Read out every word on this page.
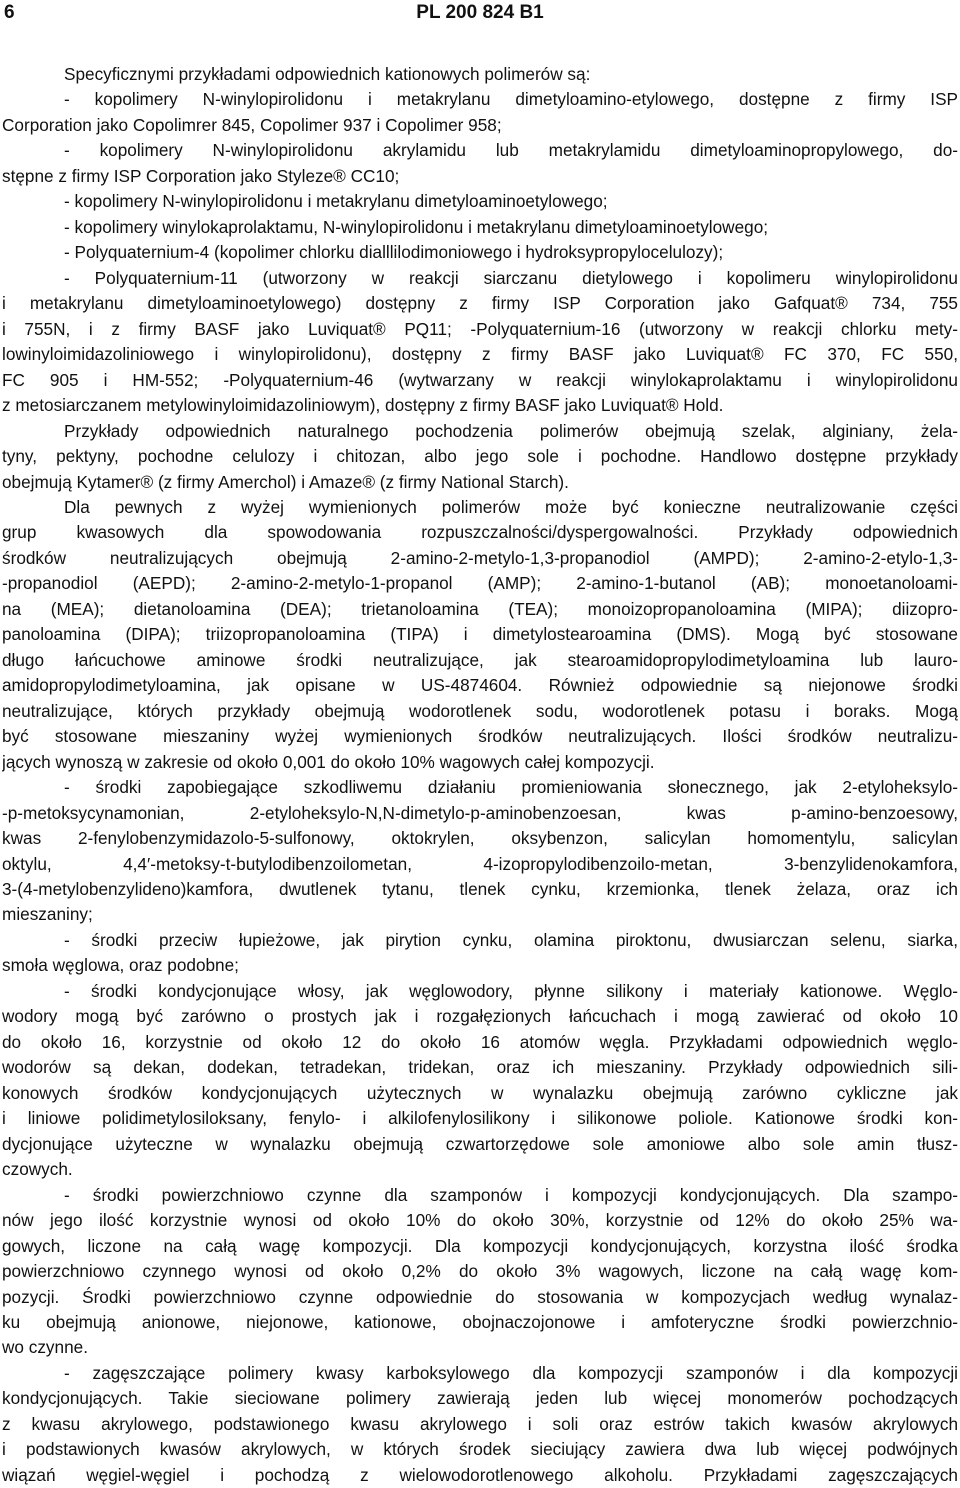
6	PL 200 824 B1
Specyficznymi przykładami odpowiednich kationowych polimerów są:
- kopolimery N-winylopirolidonu i metakrylanu dimetyloamino-etylowego, dostępne z firmy ISP
Corporation jako Copolimrer 845, Copolimer 937 i Copolimer 958;
- kopolimery N-winylopirolidonu akrylamidu lub metakrylamidu dimetyloaminopropylowego, do-
stępne z firmy ISP Corporation jako Styleze® CC10;
- kopolimery N-winylopirolidonu i metakrylanu dimetyloaminoetylowego;
- kopolimery winylokaprolaktamu, N-winylopirolidonu i metakrylanu dimetyloaminoetylowego;
- Polyquaternium-4 (kopolimer chlorku dialllilodimoniowego i hydroksypropylocelulozy);
- Polyquaternium-11 (utworzony w reakcji siarczanu dietylowego i kopolimeru winylopirolidonu
i metakrylanu dimetyloaminoetylowego) dostępny z firmy ISP Corporation jako Gafquat® 734, 755
i 755N, i z firmy BASF jako Luviquat® PQ11; -Polyquaternium-16 (utworzony w reakcji chlorku mety-
lowinyloimidazoliniowego i winylopirolidonu), dostępny z firmy BASF jako Luviquat® FC 370, FC 550,
FC 905 i HM-552; -Polyquaternium-46 (wytwarzany w reakcji winylokaprolaktamu i winylopirolidonu
z metosiarczanem metylowinyloimidazoliniowym), dostępny z firmy BASF jako Luviquat® Hold.
Przykłady odpowiednich naturalnego pochodzenia polimerów obejmują szelak, alginiany, żela-
tyny, pektyny, pochodne celulozy i chitozan, albo jego sole i pochodne. Handlowo dostępne przykłady
obejmują Kytamer® (z firmy Amerchol) i Amaze® (z firmy National Starch).
Dla pewnych z wyżej wymienionych polimerów może być konieczne neutralizowanie części
grup kwasowych dla spowodowania rozpuszczalności/dyspergowalności. Przykłady odpowiednich
środków neutralizujących obejmują 2-amino-2-metylo-1,3-propanodiol (AMPD); 2-amino-2-etylo-1,3-
-propanodiol (AEPD); 2-amino-2-metylo-1-propanol (AMP); 2-amino-1-butanol (AB); monoetanoloami-
na (MEA); dietanoloamina (DEA); trietanoloamina (TEA); monoizopropanoloamina (MIPA); diizopro-
panoloamina (DIPA); triizopropanoloamina (TIPA) i dimetylostearoamina (DMS). Mogą być stosowane
długo łańcuchowe aminowe środki neutralizujące, jak stearoamidopropylodimetyloamina lub lauro-
amidopropylodimetyloamina, jak opisane w US-4874604. Również odpowiednie są niejonowe środki
neutralizujące, których przykłady obejmują wodorotlenek sodu, wodorotlenek potasu i boraks. Mogą
być stosowane mieszaniny wyżej wymienionych środków neutralizujących. Ilości środków neutralizu-
jących wynoszą w zakresie od około 0,001 do około 10% wagowych całej kompozycji.
- środki zapobiegające szkodliwemu działaniu promieniowania słonecznego, jak 2-etyloheksylo-
-p-metoksycynamonian, 2-etyloheksylo-N,N-dimetylo-p-aminobenzoesan, kwas p-amino-benzoesowy,
kwas 2-fenylobenzymidazolo-5-sulfonowy, oktokrylen, oksybenzon, salicylan homomentylu, salicylan
oktylu, 4,4′-metoksy-t-butylodibenzoilometan, 4-izopropylodibenzoilo-metan, 3-benzylidenokamfora,
3-(4-metylobenzylideno)kamfora, dwutlenek tytanu, tlenek cynku, krzemionka, tlenek żelaza, oraz ich
mieszaniny;
- środki przeciw łupieżowe, jak pirytion cynku, olamina piroktonu, dwusiarczan selenu, siarka,
smoła węglowa, oraz podobne;
- środki kondycjonujące włosy, jak węglowodory, płynne silikony i materiały kationowe. Węglo-
wodory mogą być zarówno o prostych jak i rozgałęzionych łańcuchach i mogą zawierać od około 10
do około 16, korzystnie od około 12 do około 16 atomów węgla. Przykładami odpowiednich węglo-
wodorów są dekan, dodekan, tetradekan, tridekan, oraz ich mieszaniny. Przykłady odpowiednich sili-
konowych środków kondycjonujących użytecznych w wynalazku obejmują zarówno cykliczne jak
i liniowe polidimetylosiloksany, fenylo- i alkilofenylosilikony i silikonowe poliole. Kationowe środki kon-
dycjonujące użyteczne w wynalazku obejmują czwartorzędowe sole amoniowe albo sole amin tłusz-
czowych.
- środki powierzchniowo czynne dla szamponów i kompozycji kondycjonujących. Dla szampo-
nów jego ilość korzystnie wynosi od około 10% do około 30%, korzystnie od 12% do około 25% wa-
gowych, liczone na całą wagę kompozycji. Dla kompozycji kondycjonujących, korzystna ilość środka
powierzchniowo czynnego wynosi od około 0,2% do około 3% wagowych, liczone na całą wagę kom-
pozycji. Środki powierzchniowo czynne odpowiednie do stosowania w kompozycjach według wynalaz-
ku obejmują anionowe, niejonowe, kationowe, obojnaczojonowe i amfoteryczne środki powierzchnio-
wo czynne.
- zagęszczające polimery kwasy karboksylowego dla kompozycji szamponów i dla kompozycji
kondycjonujących. Takie sieciowane polimery zawierają jeden lub więcej monomerów pochodzących
z kwasu akrylowego, podstawionego kwasu akrylowego i soli oraz estrów takich kwasów akrylowych
i podstawionych kwasów akrylowych, w których środek sieciujący zawiera dwa lub więcej podwójnych
wiązań węgiel-węgiel i pochodzą z wielowodorotlenowego alkoholu. Przykładami zagęszczających
